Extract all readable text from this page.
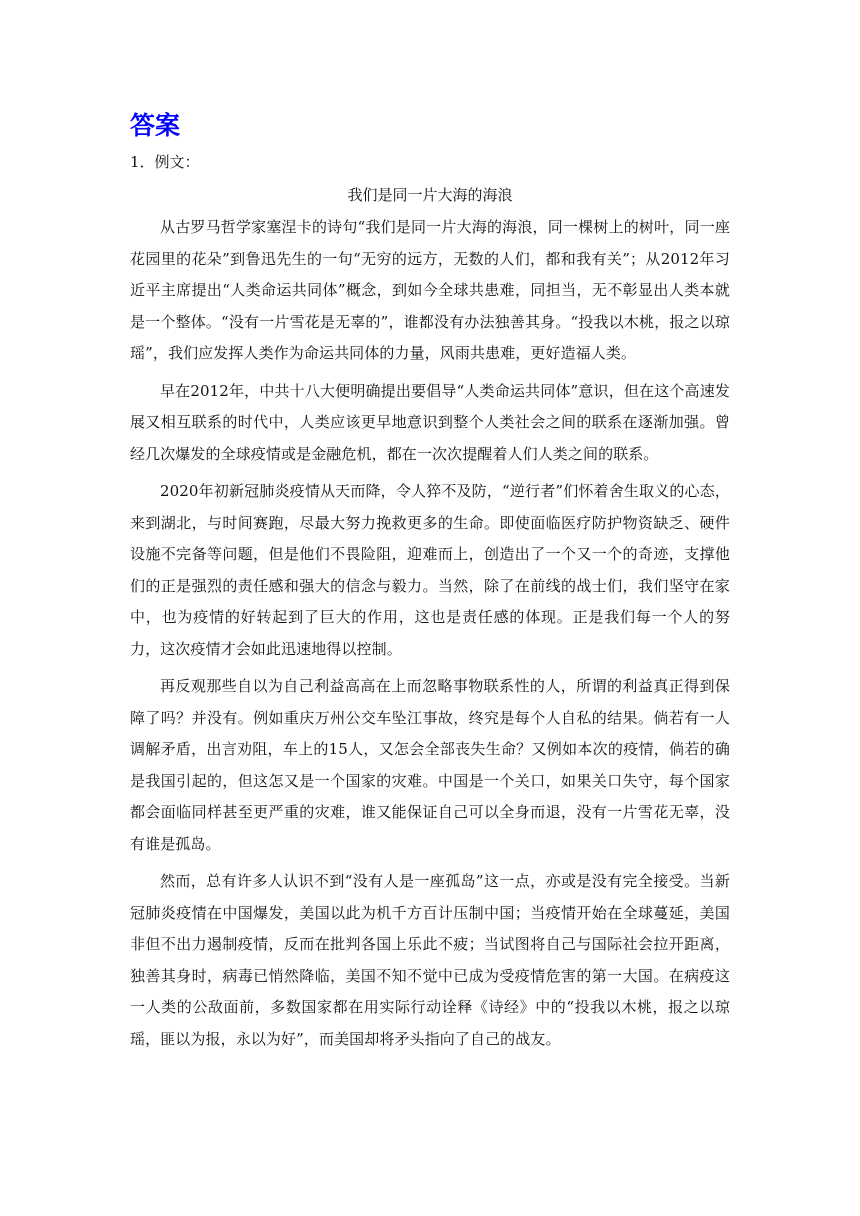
答案

1．例文：

我们是同一片大海的海浪

从古罗马哲学家塞涅卡的诗句“我们是同一片大海的海浪，同一棵树上的树叶，同一座花园里的花朵”到鲁迅先生的一句“无穷的远方，无数的人们，都和我有关”；从2012年习近平主席提出“人类命运共同体”概念，到如今全球共患难，同担当，无不彰显出人类本就是一个整体。“没有一片雪花是无辜的”，谁都没有办法独善其身。“投我以木桃，报之以琼瑶”，我们应发挥人类作为命运共同体的力量，风雨共患难，更好造福人类。

早在2012年，中共十八大便明确提出要倡导“人类命运共同体”意识，但在这个高速发展又相互联系的时代中，人类应该更早地意识到整个人类社会之间的联系在逐渐加强。曾经几次爆发的全球疫情或是金融危机，都在一次次提醒着人们人类之间的联系。

2020年初新冠肺炎疫情从天而降，令人猝不及防，“逆行者”们怀着舍生取义的心态，来到湖北，与时间赛跑，尽最大努力挽救更多的生命。即使面临医疗防护物资缺乏、硬件设施不完备等问题，但是他们不畏险阻，迎难而上，创造出了一个又一个的奇迹，支撑他们的正是强烈的责任感和强大的信念与毅力。当然，除了在前线的战士们，我们坚守在家中，也为疫情的好转起到了巨大的作用，这也是责任感的体现。正是我们每一个人的努力，这次疫情才会如此迅速地得以控制。

再反观那些自以为自己利益高高在上而忽略事物联系性的人，所谓的利益真正得到保障了吗？并没有。例如重庆万州公交车坠江事故，终究是每个人自私的结果。倘若有一人调解矛盾，出言劝阻，车上的15人，又怎会全部丧失生命？又例如本次的疫情，倘若的确是我国引起的，但这怎又是一个国家的灾难。中国是一个关口，如果关口失守，每个国家都会面临同样甚至更严重的灾难，谁又能保证自己可以全身而退，没有一片雪花无辜，没有谁是孤岛。

然而，总有许多人认识不到“没有人是一座孤岛”这一点，亦或是没有完全接受。当新冠肺炎疫情在中国爆发，美国以此为机千方百计压制中国；当疫情开始在全球蔓延，美国非但不出力遏制疫情，反而在批判各国上乐此不疲；当试图将自己与国际社会拉开距离，独善其身时，病毒已悄然降临，美国不知不觉中已成为受疫情危害的第一大国。在病疫这一人类的公敌面前，多数国家都在用实际行动诠释《诗经》中的“投我以木桃，报之以琼瑶，匪以为报，永以为好”，而美国却将矛头指向了自己的战友。
